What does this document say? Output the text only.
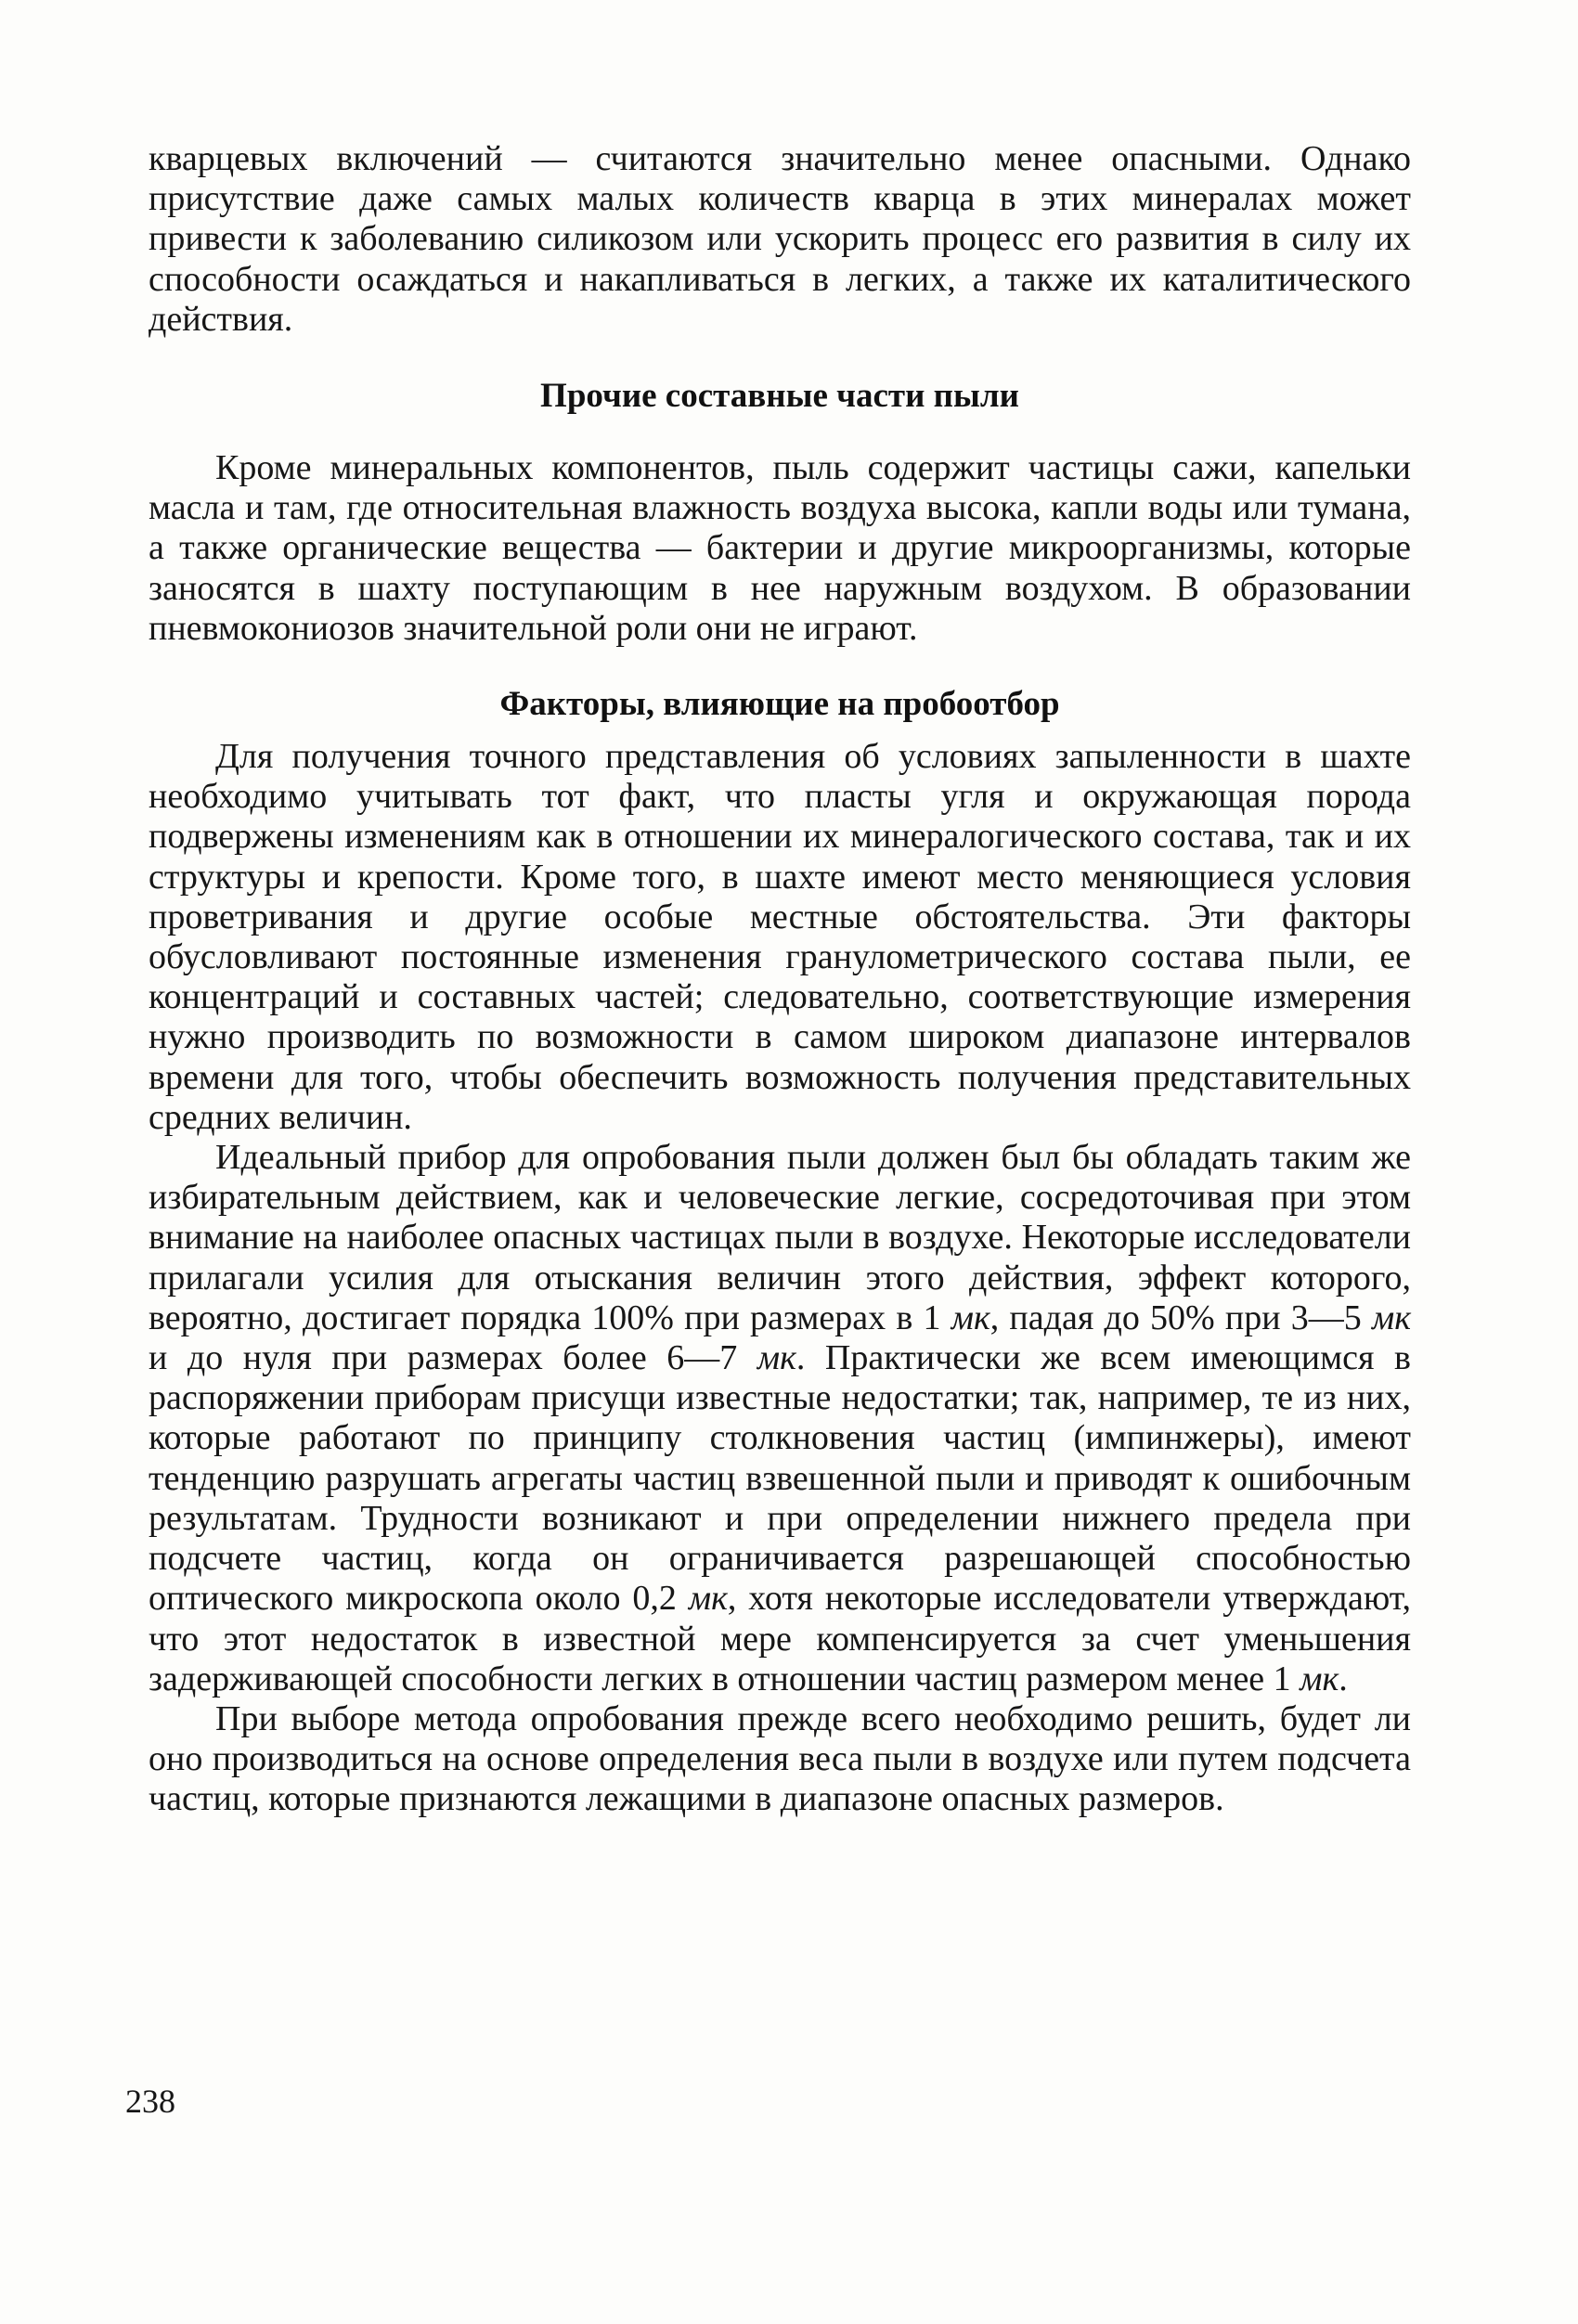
кварцевых включений — считаются значительно менее опасными. Однако присутствие даже самых малых количеств кварца в этих минералах может привести к заболеванию силикозом или ускорить процесс его развития в силу их способности осаждаться и накапливаться в легких, а также их каталитического действия.

Прочие составные части пыли

Кроме минеральных компонентов, пыль содержит частицы сажи, капельки масла и там, где относительная влажность воздуха высока, капли воды или тумана, а также органические вещества — бактерии и другие микроорганизмы, которые заносятся в шахту поступающим в нее наружным воздухом. В образовании пневмокониозов значительной роли они не играют.

Факторы, влияющие на пробоотбор

Для получения точного представления об условиях запыленности в шахте необходимо учитывать тот факт, что пласты угля и окружающая порода подвержены изменениям как в отношении их минералогического состава, так и их структуры и крепости. Кроме того, в шахте имеют место меняющиеся условия проветривания и другие особые местные обстоятельства. Эти факторы обусловливают постоянные изменения гранулометрического состава пыли, ее концентраций и составных частей; следовательно, соответствующие измерения нужно производить по возможности в самом широком диапазоне интервалов времени для того, чтобы обеспечить возможность получения представительных средних величин.

Идеальный прибор для опробования пыли должен был бы обладать таким же избирательным действием, как и человеческие легкие, сосредоточивая при этом внимание на наиболее опасных частицах пыли в воздухе. Некоторые исследователи прилагали усилия для отыскания величин этого действия, эффект которого, вероятно, достигает порядка 100% при размерах в 1 мк, падая до 50% при 3—5 мк и до нуля при размерах более 6—7 мк. Практически же всем имеющимся в распоряжении приборам присущи известные недостатки; так, например, те из них, которые работают по принципу столкновения частиц (импинжеры), имеют тенденцию разрушать агрегаты частиц взвешенной пыли и приводят к ошибочным результатам. Трудности возникают и при определении нижнего предела при подсчете частиц, когда он ограничивается разрешающей способностью оптического микроскопа около 0,2 мк, хотя некоторые исследователи утверждают, что этот недостаток в известной мере компенсируется за счет уменьшения задерживающей способности легких в отношении частиц размером менее 1 мк.

При выборе метода опробования прежде всего необходимо решить, будет ли оно производиться на основе определения веса пыли в воздухе или путем подсчета частиц, которые признаются лежащими в диапазоне опасных размеров.

238
